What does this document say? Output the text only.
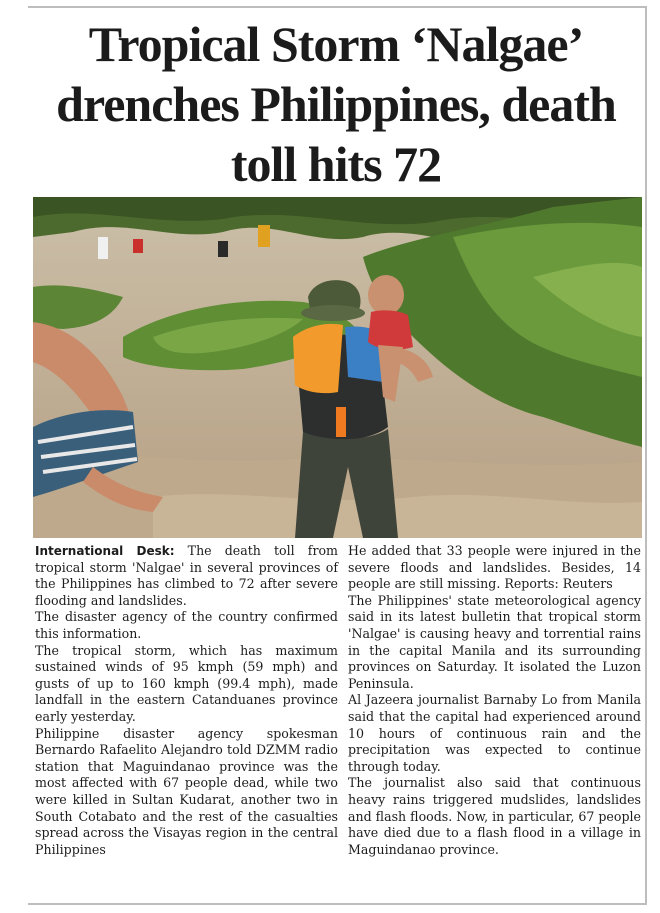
Tropical Storm ‘Nalgae’
drenches Philippines, death
toll hits 72

International Desk: The death toll from tropical storm 'Nalgae' in several provinces of the Philippines has climbed to 72 after severe flooding and landslides.

The disaster agency of the country confirmed this information.

The tropical storm, which has maximum sustained winds of 95 kmph (59 mph) and gusts of up to 160 kmph (99.4 mph), made landfall in the eastern Catanduanes province early yesterday.

Philippine disaster agency spokesman Bernardo Rafaelito Alejandro told DZMM radio station that Maguindanao province was the most affected with 67 people dead, while two were killed in Sultan Kudarat, another two in South Cotabato and the rest of the casualties spread across the Visayas region in the central Philippines

He added that 33 people were injured in the severe floods and landslides. Besides, 14 people are still missing. Reports: Reuters

The Philippines' state meteorological agency said in its latest bulletin that tropical storm 'Nalgae' is causing heavy and torrential rains in the capital Manila and its surrounding provinces on Saturday. It isolated the Luzon Peninsula.

Al Jazeera journalist Barnaby Lo from Manila said that the capital had experienced around 10 hours of continuous rain and the precipitation was expected to continue through today.

The journalist also said that continuous heavy rains triggered mudslides, landslides and flash floods. Now, in particular, 67 people have died due to a flash flood in a village in Maguindanao province.
